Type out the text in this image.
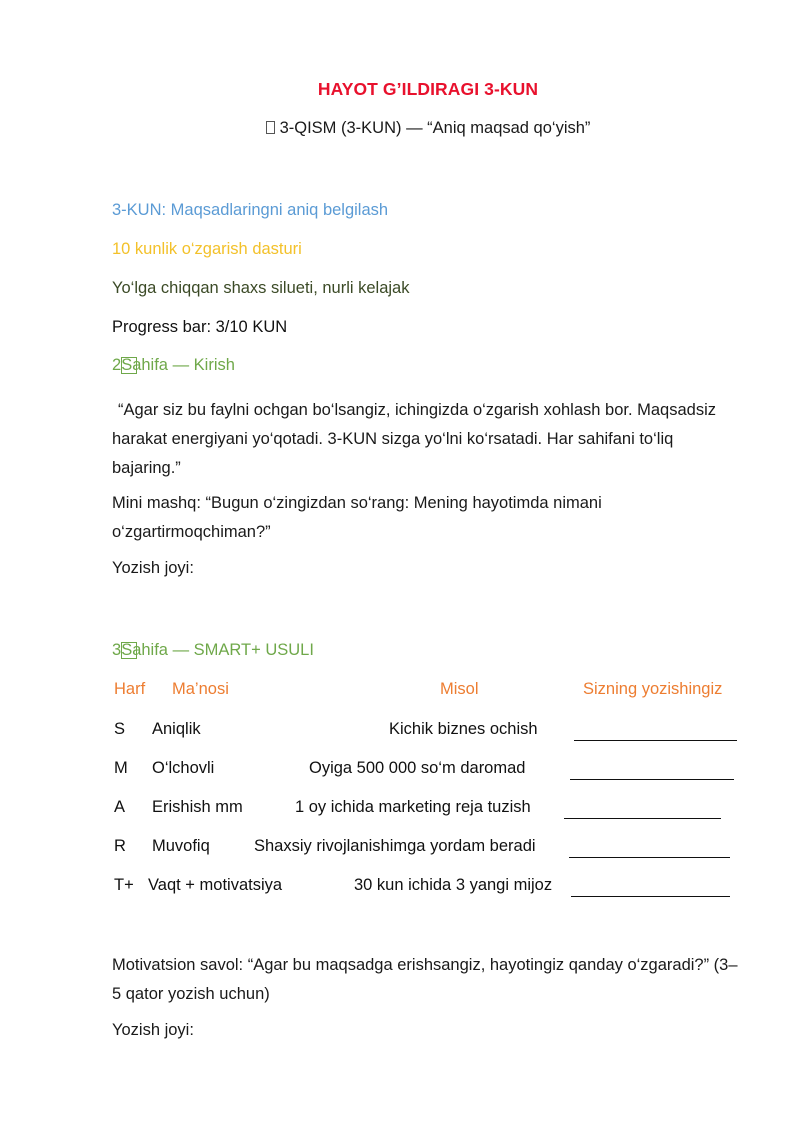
HAYOT G’ILDIRAGI 3-KUN
3-QISM (3-KUN) — “Aniq maqsad qo‘yish”
3-KUN: Maqsadlaringni aniq belgilash
10 kunlik o‘zgarish dasturi
Yo‘lga chiqqan shaxs silueti, nurli kelajak
Progress bar: 3/10 KUN
2
Sahifa — Kirish
“Agar siz bu faylni ochgan bo‘lsangiz, ichingizda o‘zgarish xohlash bor. Maqsadsiz harakat energiyani yo‘qotadi. 3-KUN sizga yo‘lni ko‘rsatadi. Har sahifani to‘liq bajaring.”
Mini mashq: “Bugun o‘zingizdan so‘rang: Mening hayotimda nimani o‘zgartirmoqchiman?”
Yozish joyi:
3
Sahifa — SMART+ USULI
Harf Ma’nosi	Misol	Sizning yozishingiz
S Aniqlik	Kichik biznes ochish
M O‘lchovli	Oyiga 500 000 so‘m daromad
A Erishish mm	1 oy ichida marketing reja tuzish
R Muvofiq	Shaxsiy rivojlanishimga yordam beradi
T+ Vaqt + motivatsiya	30 kun ichida 3 yangi mijoz
Motivatsion savol: “Agar bu maqsadga erishsangiz, hayotingiz qanday o‘zgaradi?” (3–5 qator yozish uchun)
Yozish joyi:
